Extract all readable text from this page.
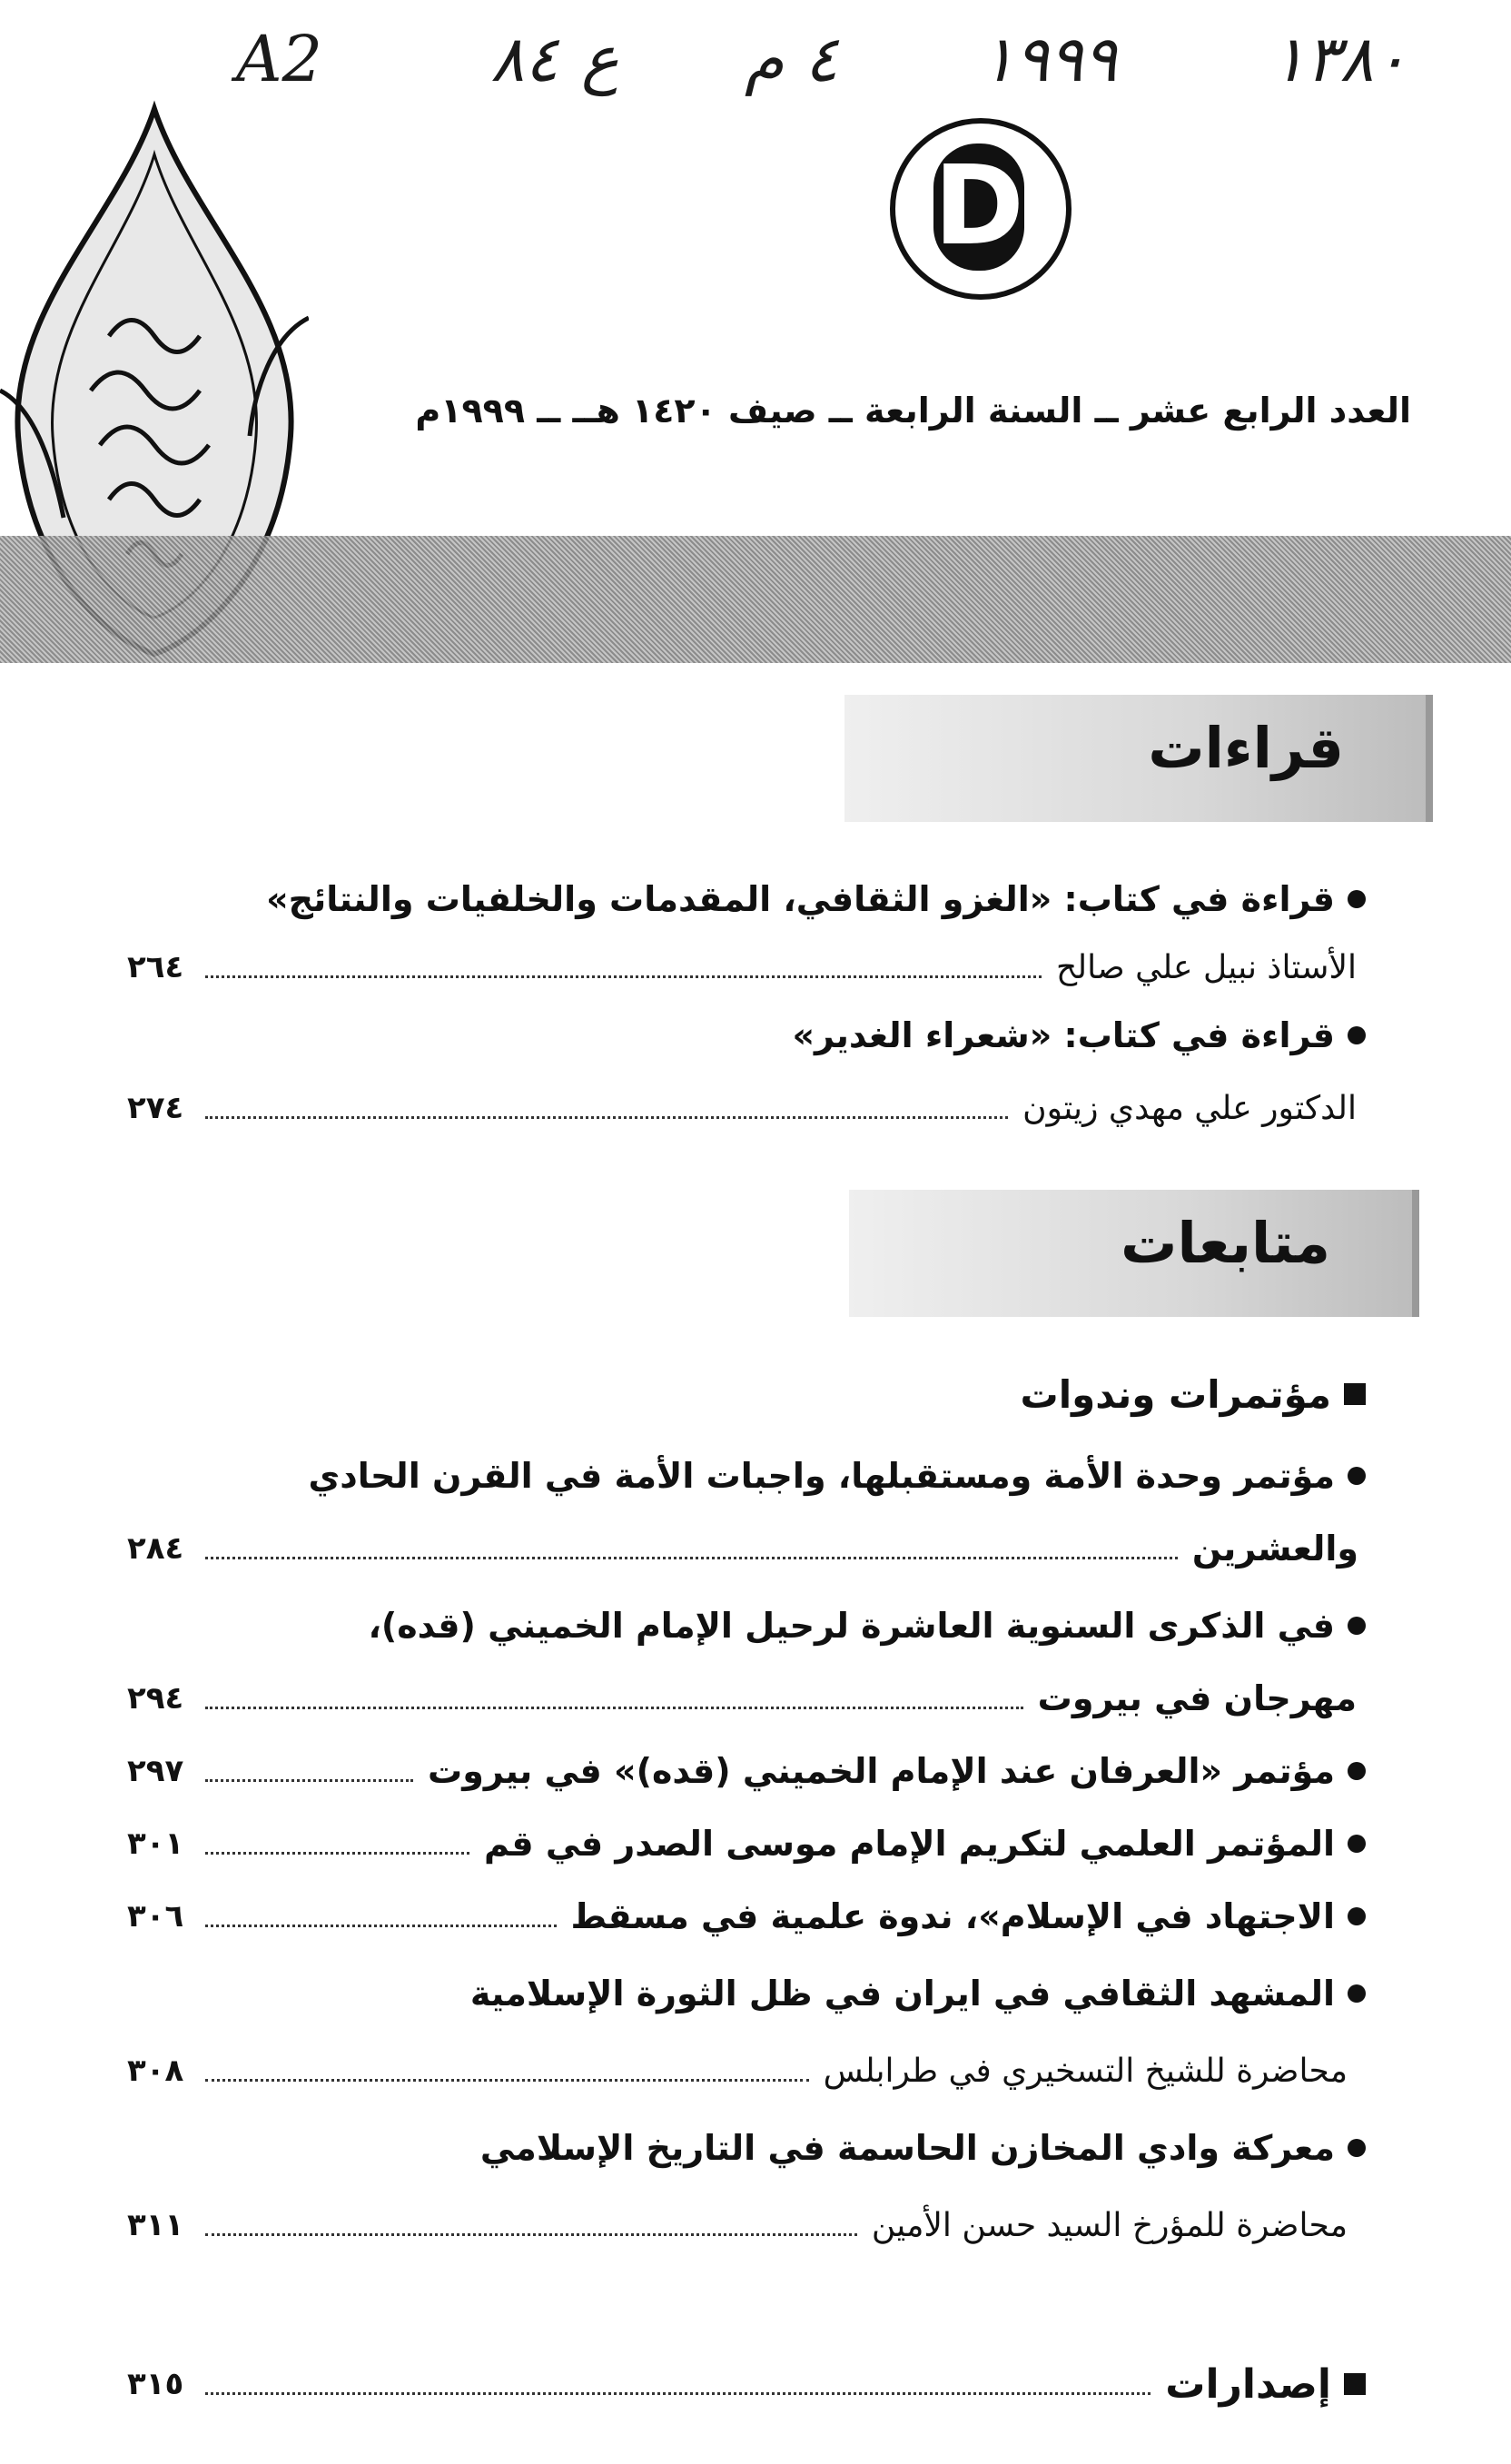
A2	٨٤ ع ٤ م ١٩٩٩ ١٣٨٠
D
العدد الرابع عشر ــ السنة الرابعة ــ صيف ١٤٢٠ هــ ــ ١٩٩٩م
قراءات
قراءة في كتاب: «الغزو الثقافي، المقدمات والخلفيات والنتائج»
الأستاذ نبيل علي صالح
٢٦٤
قراءة في كتاب: «شعراء الغدير»
الدكتور علي مهدي زيتون
٢٧٤
متابعات
مؤتمرات وندوات
مؤتمر وحدة الأمة ومستقبلها، واجبات الأمة في القرن الحادي
والعشرين
٢٨٤
في الذكرى السنوية العاشرة لرحيل الإمام الخميني (قده)،
مهرجان في بيروت
٢٩٤
مؤتمر «العرفان عند الإمام الخميني (قده)» في بيروت
٢٩٧
المؤتمر العلمي لتكريم الإمام موسى الصدر في قم
٣٠١
الاجتهاد في الإسلام»، ندوة علمية في مسقط
٣٠٦
المشهد الثقافي في ايران في ظل الثورة الإسلامية
محاضرة للشيخ التسخيري في طرابلس
٣٠٨
معركة وادي المخازن الحاسمة في التاريخ الإسلامي
محاضرة للمؤرخ السيد حسن الأمين
٣١١
إصدارات
٣١٥
